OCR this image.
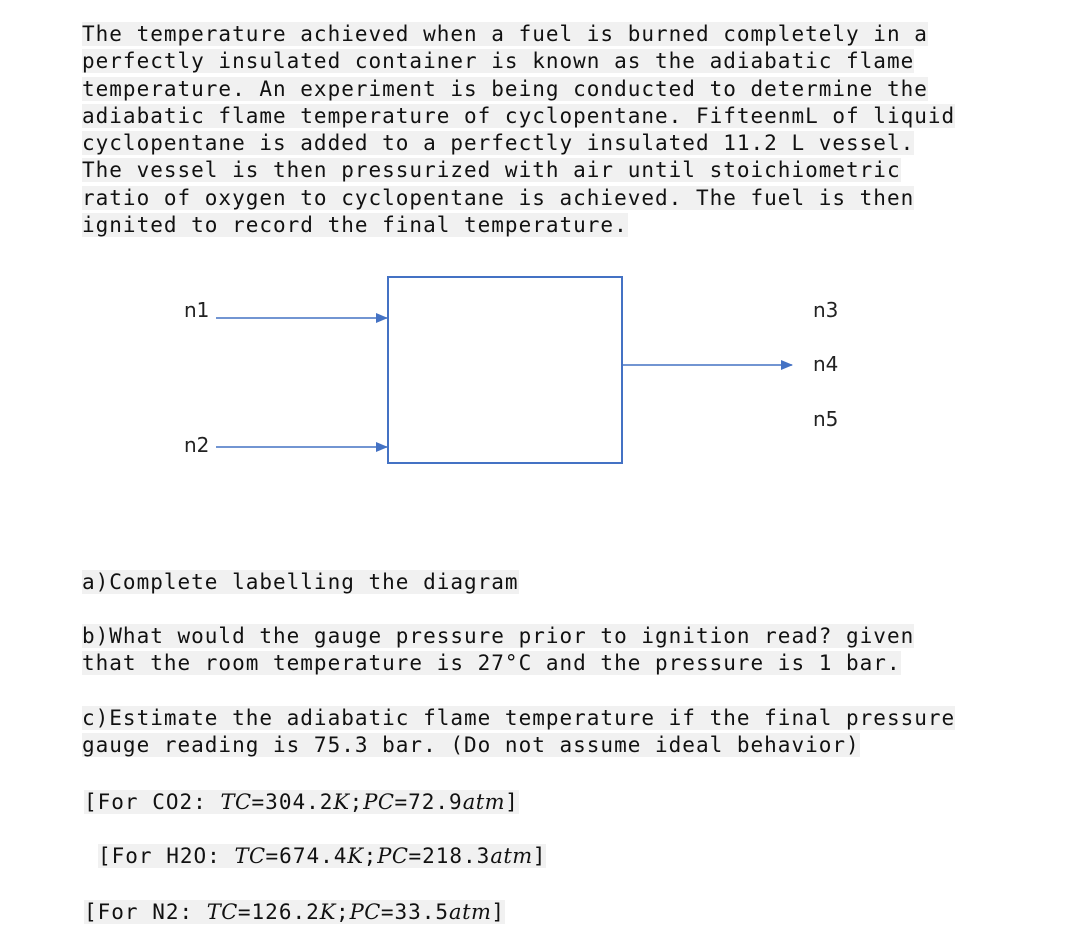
The temperature achieved when a fuel is burned completely in a
perfectly insulated container is known as the adiabatic flame
temperature. An experiment is being conducted to determine the
adiabatic flame temperature of cyclopentane. FifteenmL of liquid
cyclopentane is added to a perfectly insulated 11.2 L vessel.
The vessel is then pressurized with air until stoichiometric
ratio of oxygen to cyclopentane is achieved. The fuel is then
ignited to record the final temperature.

n1
n2
n3
n4
n5

a)Complete labelling the diagram

b)What would the gauge pressure prior to ignition read? given
that the room temperature is 27°C and the pressure is 1 bar.

c)Estimate the adiabatic flame temperature if the final pressure
gauge reading is 75.3 bar. (Do not assume ideal behavior)

[For CO2: TC=304.2K;PC=72.9atm]

[For H2O: TC=674.4K;PC=218.3atm]

[For N2: TC=126.2K;PC=33.5atm]
